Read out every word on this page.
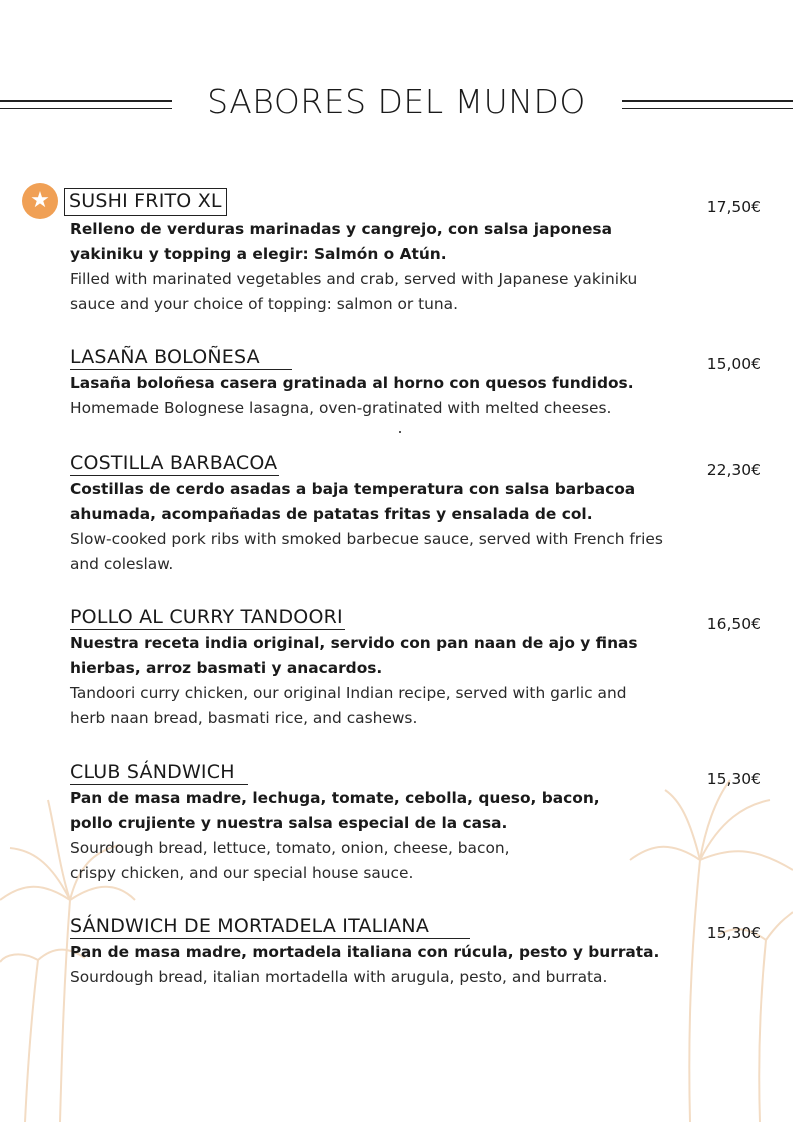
SABORES DEL MUNDO
★	SUSHI FRITO XL	17,50€
Relleno de verduras marinadas y cangrejo, con salsa japonesa yakiniku y topping a elegir: Salmón o Atún.
Filled with marinated vegetables and crab, served with Japanese yakiniku sauce and your choice of topping: salmon or tuna.
LASAÑA BOLOÑESA	15,00€
Lasaña boloñesa casera gratinada al horno con quesos fundidos.
Homemade Bolognese lasagna, oven-gratinated with melted cheeses.
COSTILLA BARBACOA	22,30€
Costillas de cerdo asadas a baja temperatura con salsa barbacoa ahumada, acompañadas de patatas fritas y ensalada de col.
Slow-cooked pork ribs with smoked barbecue sauce, served with French fries and coleslaw.
POLLO AL CURRY TANDOORI	16,50€
Nuestra receta india original, servido con pan naan de ajo y finas hierbas, arroz basmati y anacardos.
Tandoori curry chicken, our original Indian recipe, served with garlic and herb naan bread, basmati rice, and cashews.
CLUB SÁNDWICH	15,30€
Pan de masa madre, lechuga, tomate, cebolla, queso, bacon, pollo crujiente y nuestra salsa especial de la casa.
Sourdough bread, lettuce, tomato, onion, cheese, bacon, crispy chicken, and our special house sauce.
SÁNDWICH DE MORTADELA ITALIANA	15,30€
Pan de masa madre, mortadela italiana con rúcula, pesto y burrata.
Sourdough bread, italian mortadella with arugula, pesto, and burrata.
